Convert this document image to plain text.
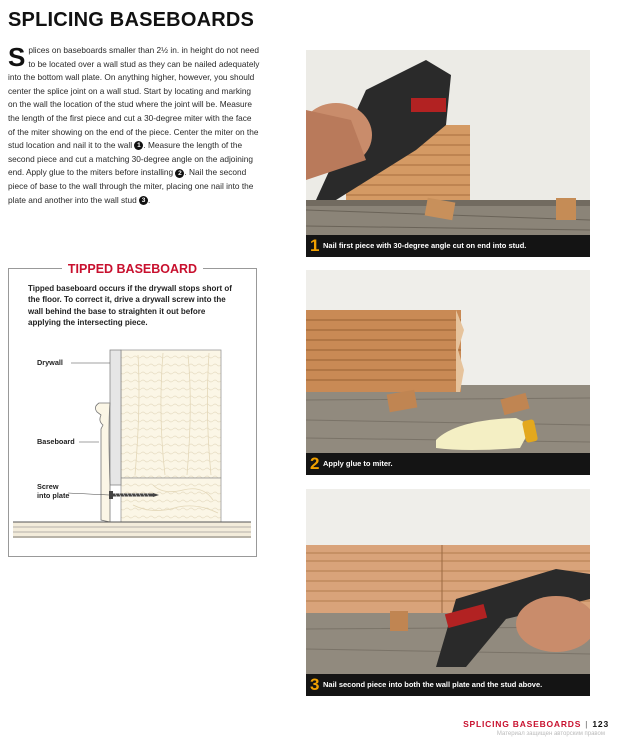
SPLICING BASEBOARDS
Splices on baseboards smaller than 2½ in. in height do not need to be located over a wall stud as they can be nailed adequately into the bottom wall plate. On anything higher, however, you should center the splice joint on a wall stud. Start by locating and marking on the wall the location of the stud where the joint will be. Measure the length of the first piece and cut a 30-degree miter with the face of the miter showing on the end of the piece. Center the miter on the stud location and nail it to the wall 1 . Measure the length of the second piece and cut a matching 30-degree angle on the adjoining end. Apply glue to the miters before installing 2 . Nail the second piece of base to the wall through the miter, placing one nail into the plate and another into the wall stud 3 .
TIPPED BASEBOARD
Tipped baseboard occurs if the drywall stops short of the floor. To correct it, drive a drywall screw into the wall behind the base to straighten it out before applying the intersecting piece.
Drywall
Baseboard
Screw
into plate
1 Nail first piece with 30-degree angle cut on end into stud.
2 Apply glue to miter.
3 Nail second piece into both the wall plate and the stud above.
SPLICING BASEBOARDS | 123
Материал защищен авторским правом
